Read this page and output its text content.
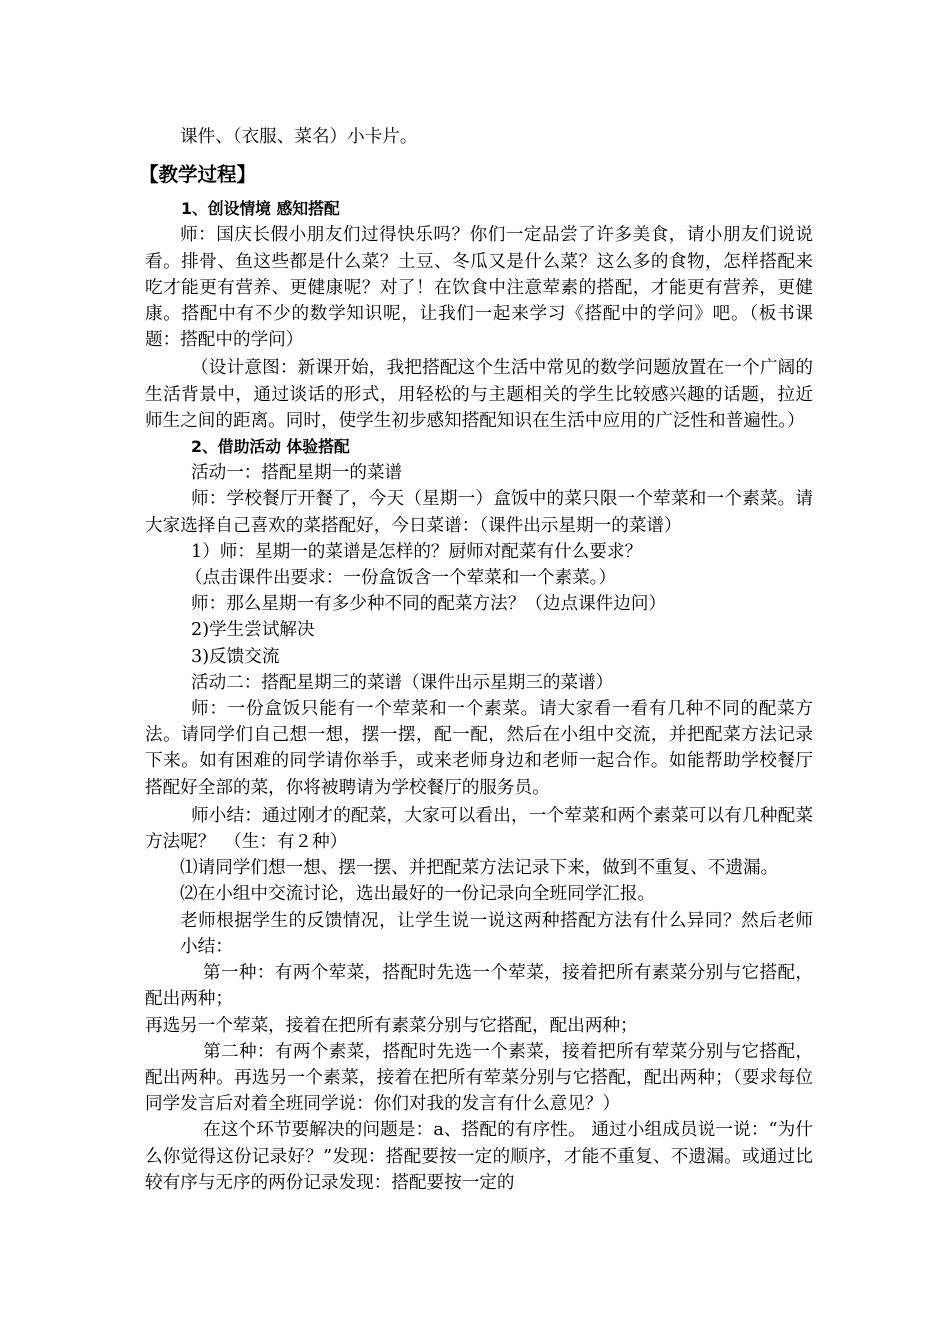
课件、（衣服、菜名）小卡片。

【教学过程】
1、创设情境 感知搭配

师：国庆长假小朋友们过得快乐吗？你们一定品尝了许多美食，请小朋友们说说看。排骨、鱼这些都是什么菜？土豆、冬瓜又是什么菜？这么多的食物，怎样搭配来吃才能更有营养、更健康呢？对了！在饮食中注意荤素的搭配，才能更有营养，更健康。搭配中有不少的数学知识呢，让我们一起来学习《搭配中的学问》吧。（板书课题：搭配中的学问）

（设计意图：新课开始，我把搭配这个生活中常见的数学问题放置在一个广阔的生活背景中，通过谈话的形式，用轻松的与主题相关的学生比较感兴趣的话题，拉近师生之间的距离。同时，使学生初步感知搭配知识在生活中应用的广泛性和普遍性。）

2、借助活动 体验搭配

活动一：搭配星期一的菜谱

师：学校餐厅开餐了，今天（星期一）盒饭中的菜只限一个荤菜和一个素菜。请大家选择自己喜欢的菜搭配好，今日菜谱：（课件出示星期一的菜谱）

1）师：星期一的菜谱是怎样的？厨师对配菜有什么要求？

（点击课件出要求：一份盒饭含一个荤菜和一个素菜。）

师：那么星期一有多少种不同的配菜方法？（边点课件边问）

2)学生尝试解决

3)反馈交流

活动二：搭配星期三的菜谱（课件出示星期三的菜谱）

师：一份盒饭只能有一个荤菜和一个素菜。请大家看一看有几种不同的配菜方法。请同学们自己想一想，摆一摆，配一配，然后在小组中交流，并把配菜方法记录下来。如有困难的同学请你举手，或来老师身边和老师一起合作。如能帮助学校餐厅搭配好全部的菜，你将被聘请为学校餐厅的服务员。

师小结：通过刚才的配菜，大家可以看出，一个荤菜和两个素菜可以有几种配菜方法呢？　（生：有２种）

⑴请同学们想一想、摆一摆、并把配菜方法记录下来，做到不重复、不遗漏。

⑵在小组中交流讨论，选出最好的一份记录向全班同学汇报。

老师根据学生的反馈情况，让学生说一说这两种搭配方法有什么异同？然后老师小结：

第一种：有两个荤菜，搭配时先选一个荤菜，接着把所有素菜分别与它搭配，配出两种；

再选另一个荤菜，接着在把所有素菜分别与它搭配，配出两种；

第二种：有两个素菜，搭配时先选一个素菜，接着把所有荤菜分别与它搭配，配出两种。再选另一个素菜，接着在把所有荤菜分别与它搭配，配出两种；（要求每位同学发言后对着全班同学说：你们对我的发言有什么意见？）

在这个环节要解决的问题是：a、搭配的有序性。 通过小组成员说一说：“为什么你觉得这份记录好？”发现：搭配要按一定的顺序，才能不重复、不遗漏。或通过比较有序与无序的两份记录发现：搭配要按一定的
